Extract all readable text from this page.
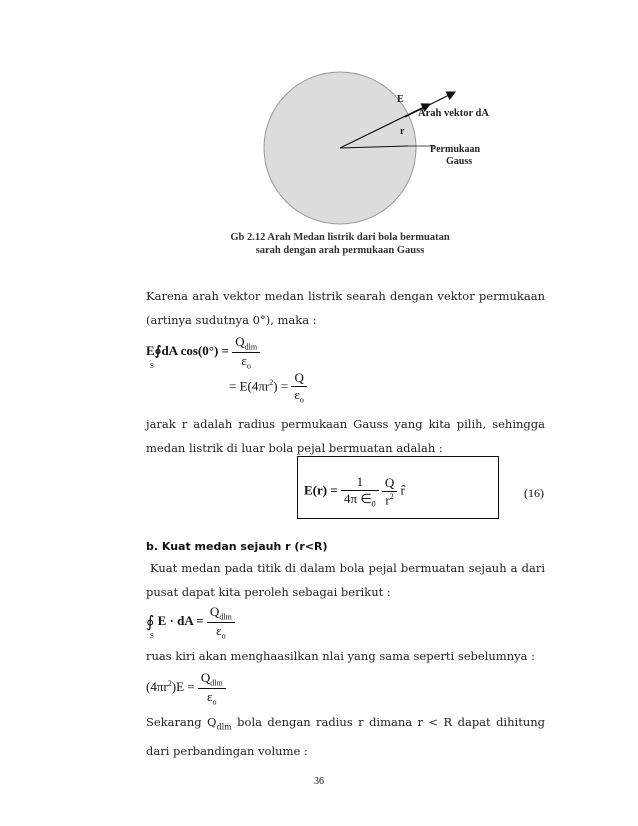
E
Arah vektor dA
r
Permukaan
Gauss
Gb 2.12 Arah Medan listrik dari bola bermuatan
sarah dengan arah permukaan Gauss
Karena arah vektor medan listrik searah dengan vektor permukaan (artinya sudutnya 0°), maka :
E∮dA $\cos(0^\circ) = \frac{Q_{dlm}}{\varepsilon_o}$
S
= $E(4\pi r^2) = \frac{Q}{\varepsilon_o}$
jarak r adalah radius permukaan Gauss yang kita pilih, sehingga medan listrik di luar bola pejal bermuatan adalah :
$E(r) = \frac{1}{4\pi \in_0}$
$\frac{Q}{r^2}$ r̂	(16)
b. Kuat medan sejauh r (r<R)
Kuat medan pada titik di dalam bola pejal bermuatan sejauh a dari pusat dapat kita peroleh sebagai berikut :
∮ E · dA = $\frac{Q_{dlm}}{\varepsilon_o}$
S
ruas kiri akan menghaasilkan nlai yang sama seperti sebelumnya :
$(4\pi r^2)E = \frac{Q_{dlm}}{\varepsilon_o}$
Sekarang $Q_{dlm}$ bola dengan radius r dimana r < R dapat dihitung dari perbandingan volume :
36
